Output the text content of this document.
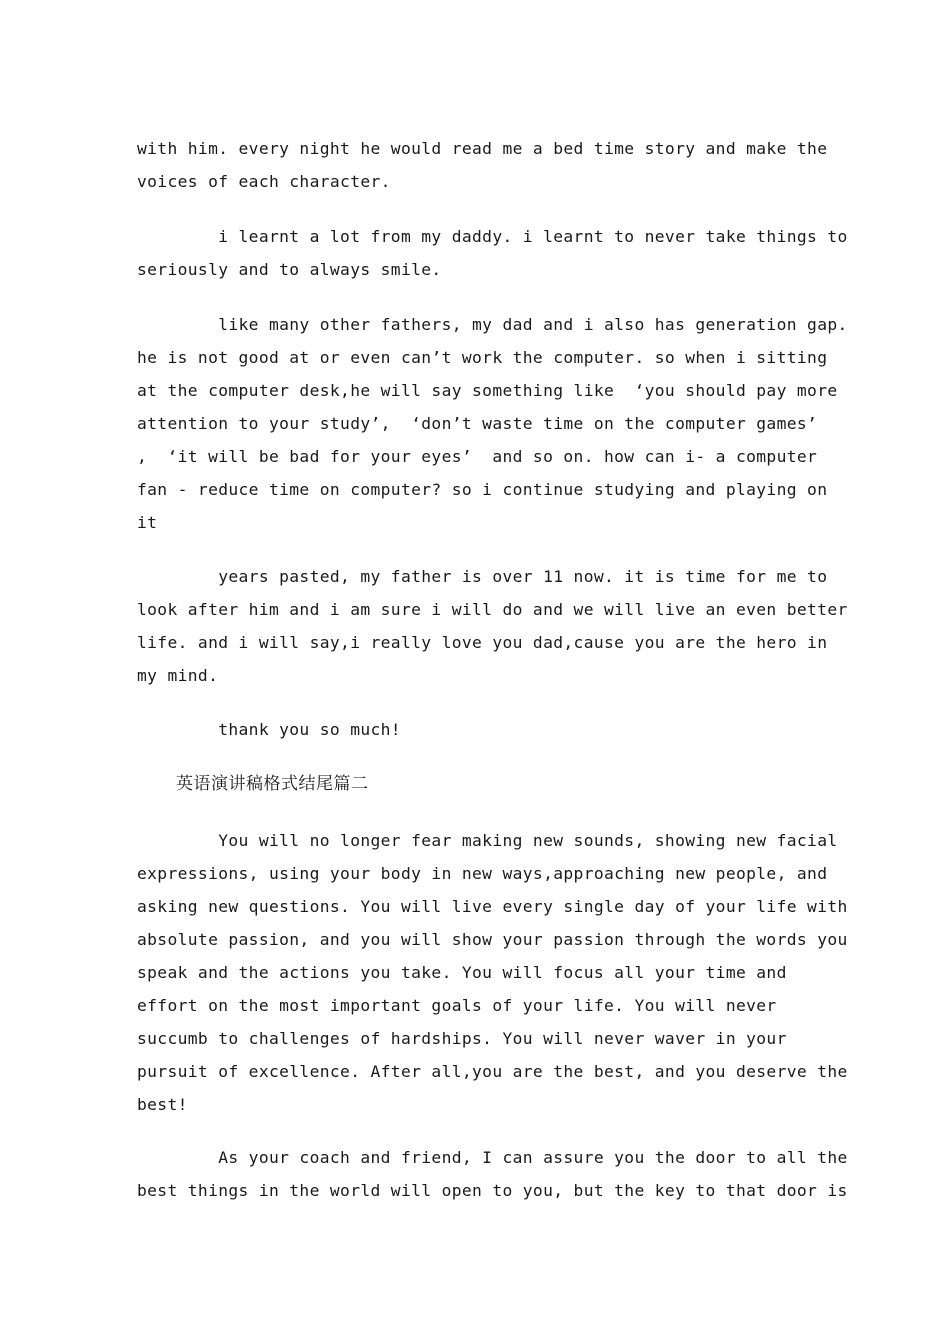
with him. every night he would read me a bed time story and make the
voices of each character.
i learnt a lot from my daddy. i learnt to never take things to
seriously and to always smile.
like many other fathers, my dad and i also has generation gap.
he is not good at or even can’t work the computer. so when i sitting
at the computer desk,he will say something like  ‘you should pay more
attention to your study’,  ‘don’t waste time on the computer games’
,  ‘it will be bad for your eyes’  and so on. how can i- a computer
fan - reduce time on computer? so i continue studying and playing on
it
years pasted, my father is over 11 now. it is time for me to
look after him and i am sure i will do and we will live an even better
life. and i will say,i really love you dad,cause you are the hero in
my mind.
thank you so much!
英语演讲稿格式结尾篇二
You will no longer fear making new sounds, showing new facial
expressions, using your body in new ways,approaching new people, and
asking new questions. You will live every single day of your life with
absolute passion, and you will show your passion through the words you
speak and the actions you take. You will focus all your time and
effort on the most important goals of your life. You will never
succumb to challenges of hardships. You will never waver in your
pursuit of excellence. After all,you are the best, and you deserve the
best!
As your coach and friend, I can assure you the door to all the
best things in the world will open to you, but the key to that door is
